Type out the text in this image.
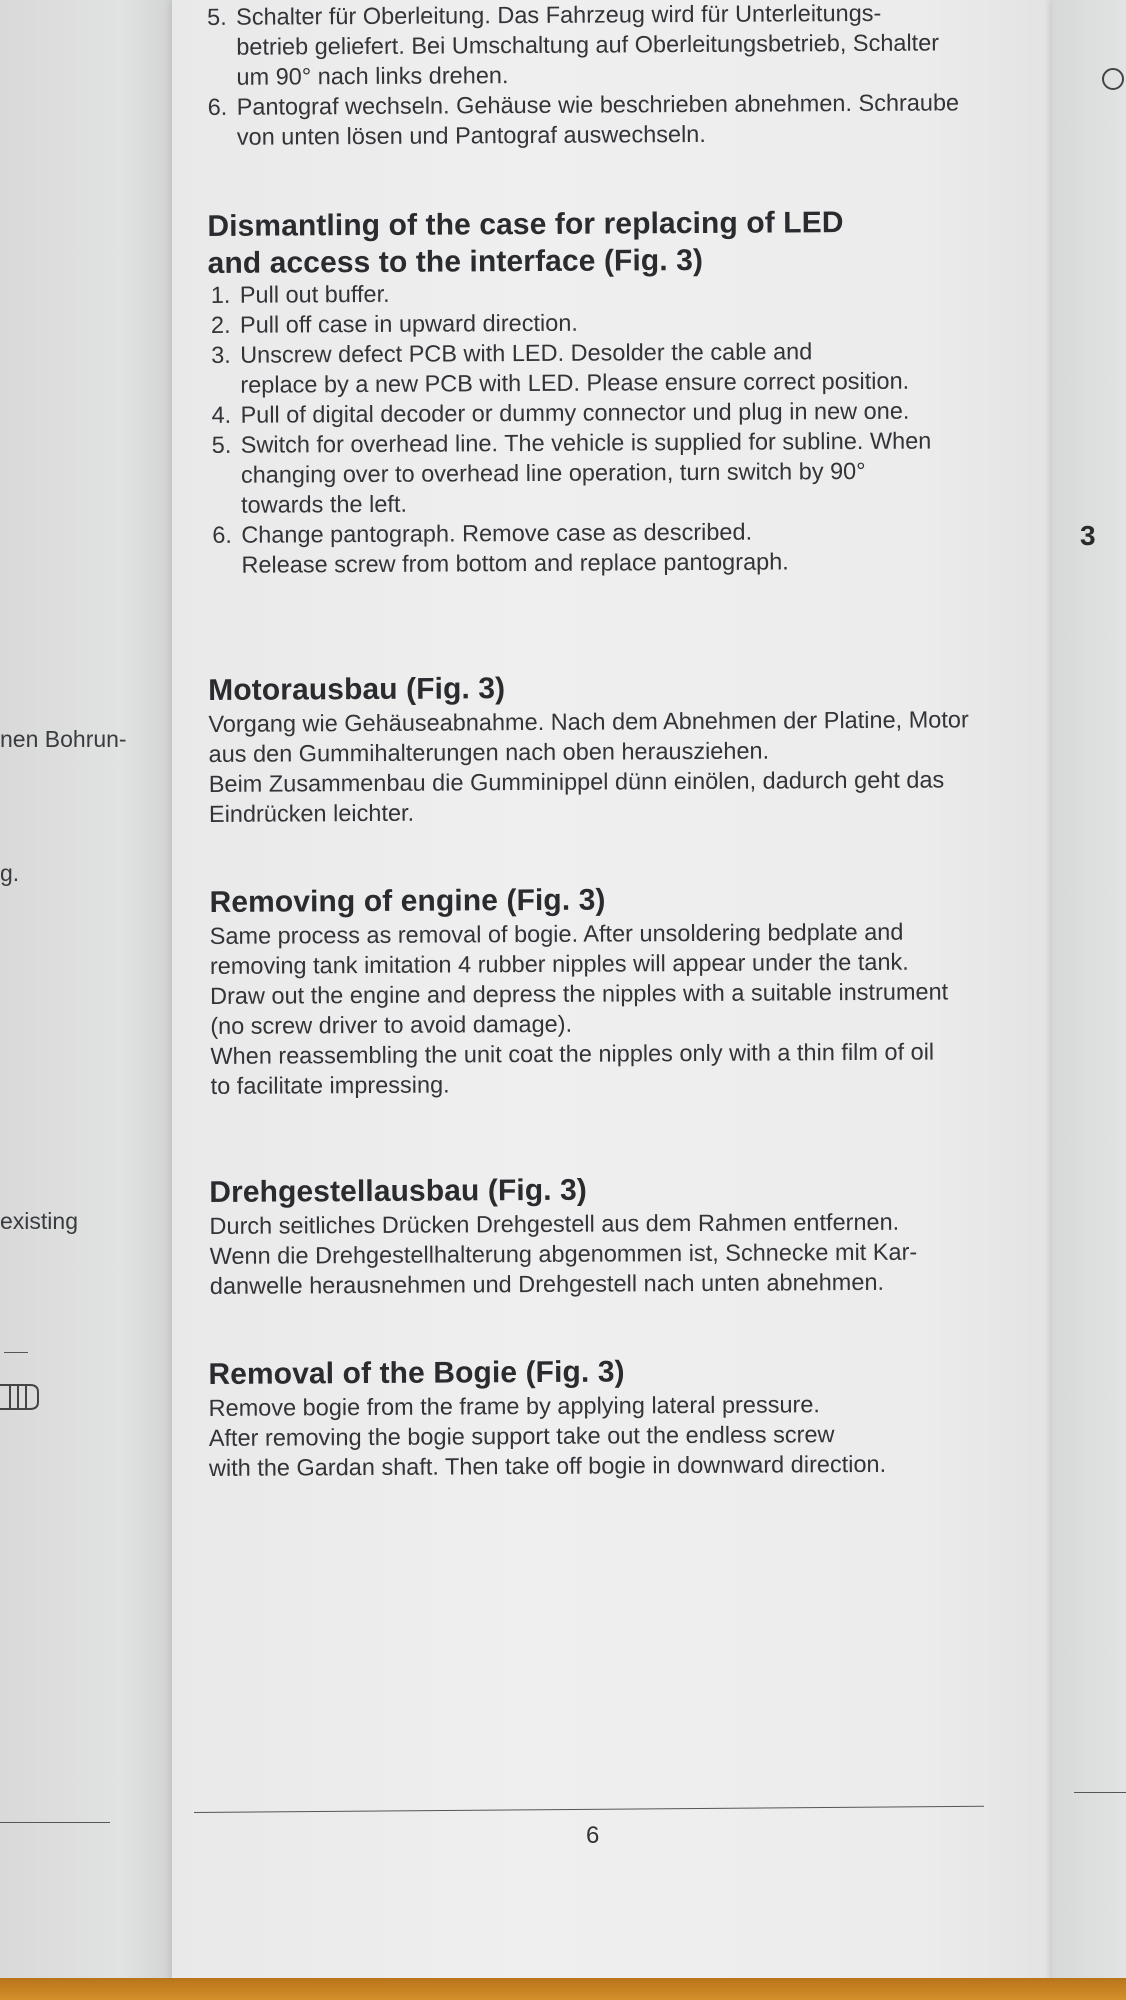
nen Bohrun-

g.

existing

3
5. Schalter für Oberleitung. Das Fahrzeug wird für Unterleitungs-
betrieb geliefert. Bei Umschaltung auf Oberleitungsbetrieb, Schalter
um 90° nach links drehen.
6. Pantograf wechseln. Gehäuse wie beschrieben abnehmen. Schraube
von unten lösen und Pantograf auswechseln.
Dismantling of the case for replacing of LED
and access to the interface (Fig. 3)
1. Pull out buffer.
2. Pull off case in upward direction.
3. Unscrew defect PCB with LED. Desolder the cable and
replace by a new PCB with LED. Please ensure correct position.
4. Pull of digital decoder or dummy connector und plug in new one.
5. Switch for overhead line. The vehicle is supplied for subline. When
changing over to overhead line operation, turn switch by 90°
towards the left.
6. Change pantograph. Remove case as described.
Release screw from bottom and replace pantograph.
Motorausbau (Fig. 3)

Vorgang wie Gehäuseabnahme. Nach dem Abnehmen der Platine, Motor

aus den Gummihalterungen nach oben herausziehen.

Beim Zusammenbau die Gumminippel dünn einölen, dadurch geht das

Eindrücken leichter.

Removing of engine (Fig. 3)

Same process as removal of bogie. After unsoldering bedplate and

removing tank imitation 4 rubber nipples will appear under the tank.

Draw out the engine and depress the nipples with a suitable instrument

(no screw driver to avoid damage).

When reassembling the unit coat the nipples only with a thin film of oil

to facilitate impressing.

Drehgestellausbau (Fig. 3)

Durch seitliches Drücken Drehgestell aus dem Rahmen entfernen.

Wenn die Drehgestellhalterung abgenommen ist, Schnecke mit Kar-

danwelle herausnehmen und Drehgestell nach unten abnehmen.

Removal of the Bogie (Fig. 3)

Remove bogie from the frame by applying lateral pressure.

After removing the bogie support take out the endless screw

with the Gardan shaft. Then take off bogie in downward direction.

6
